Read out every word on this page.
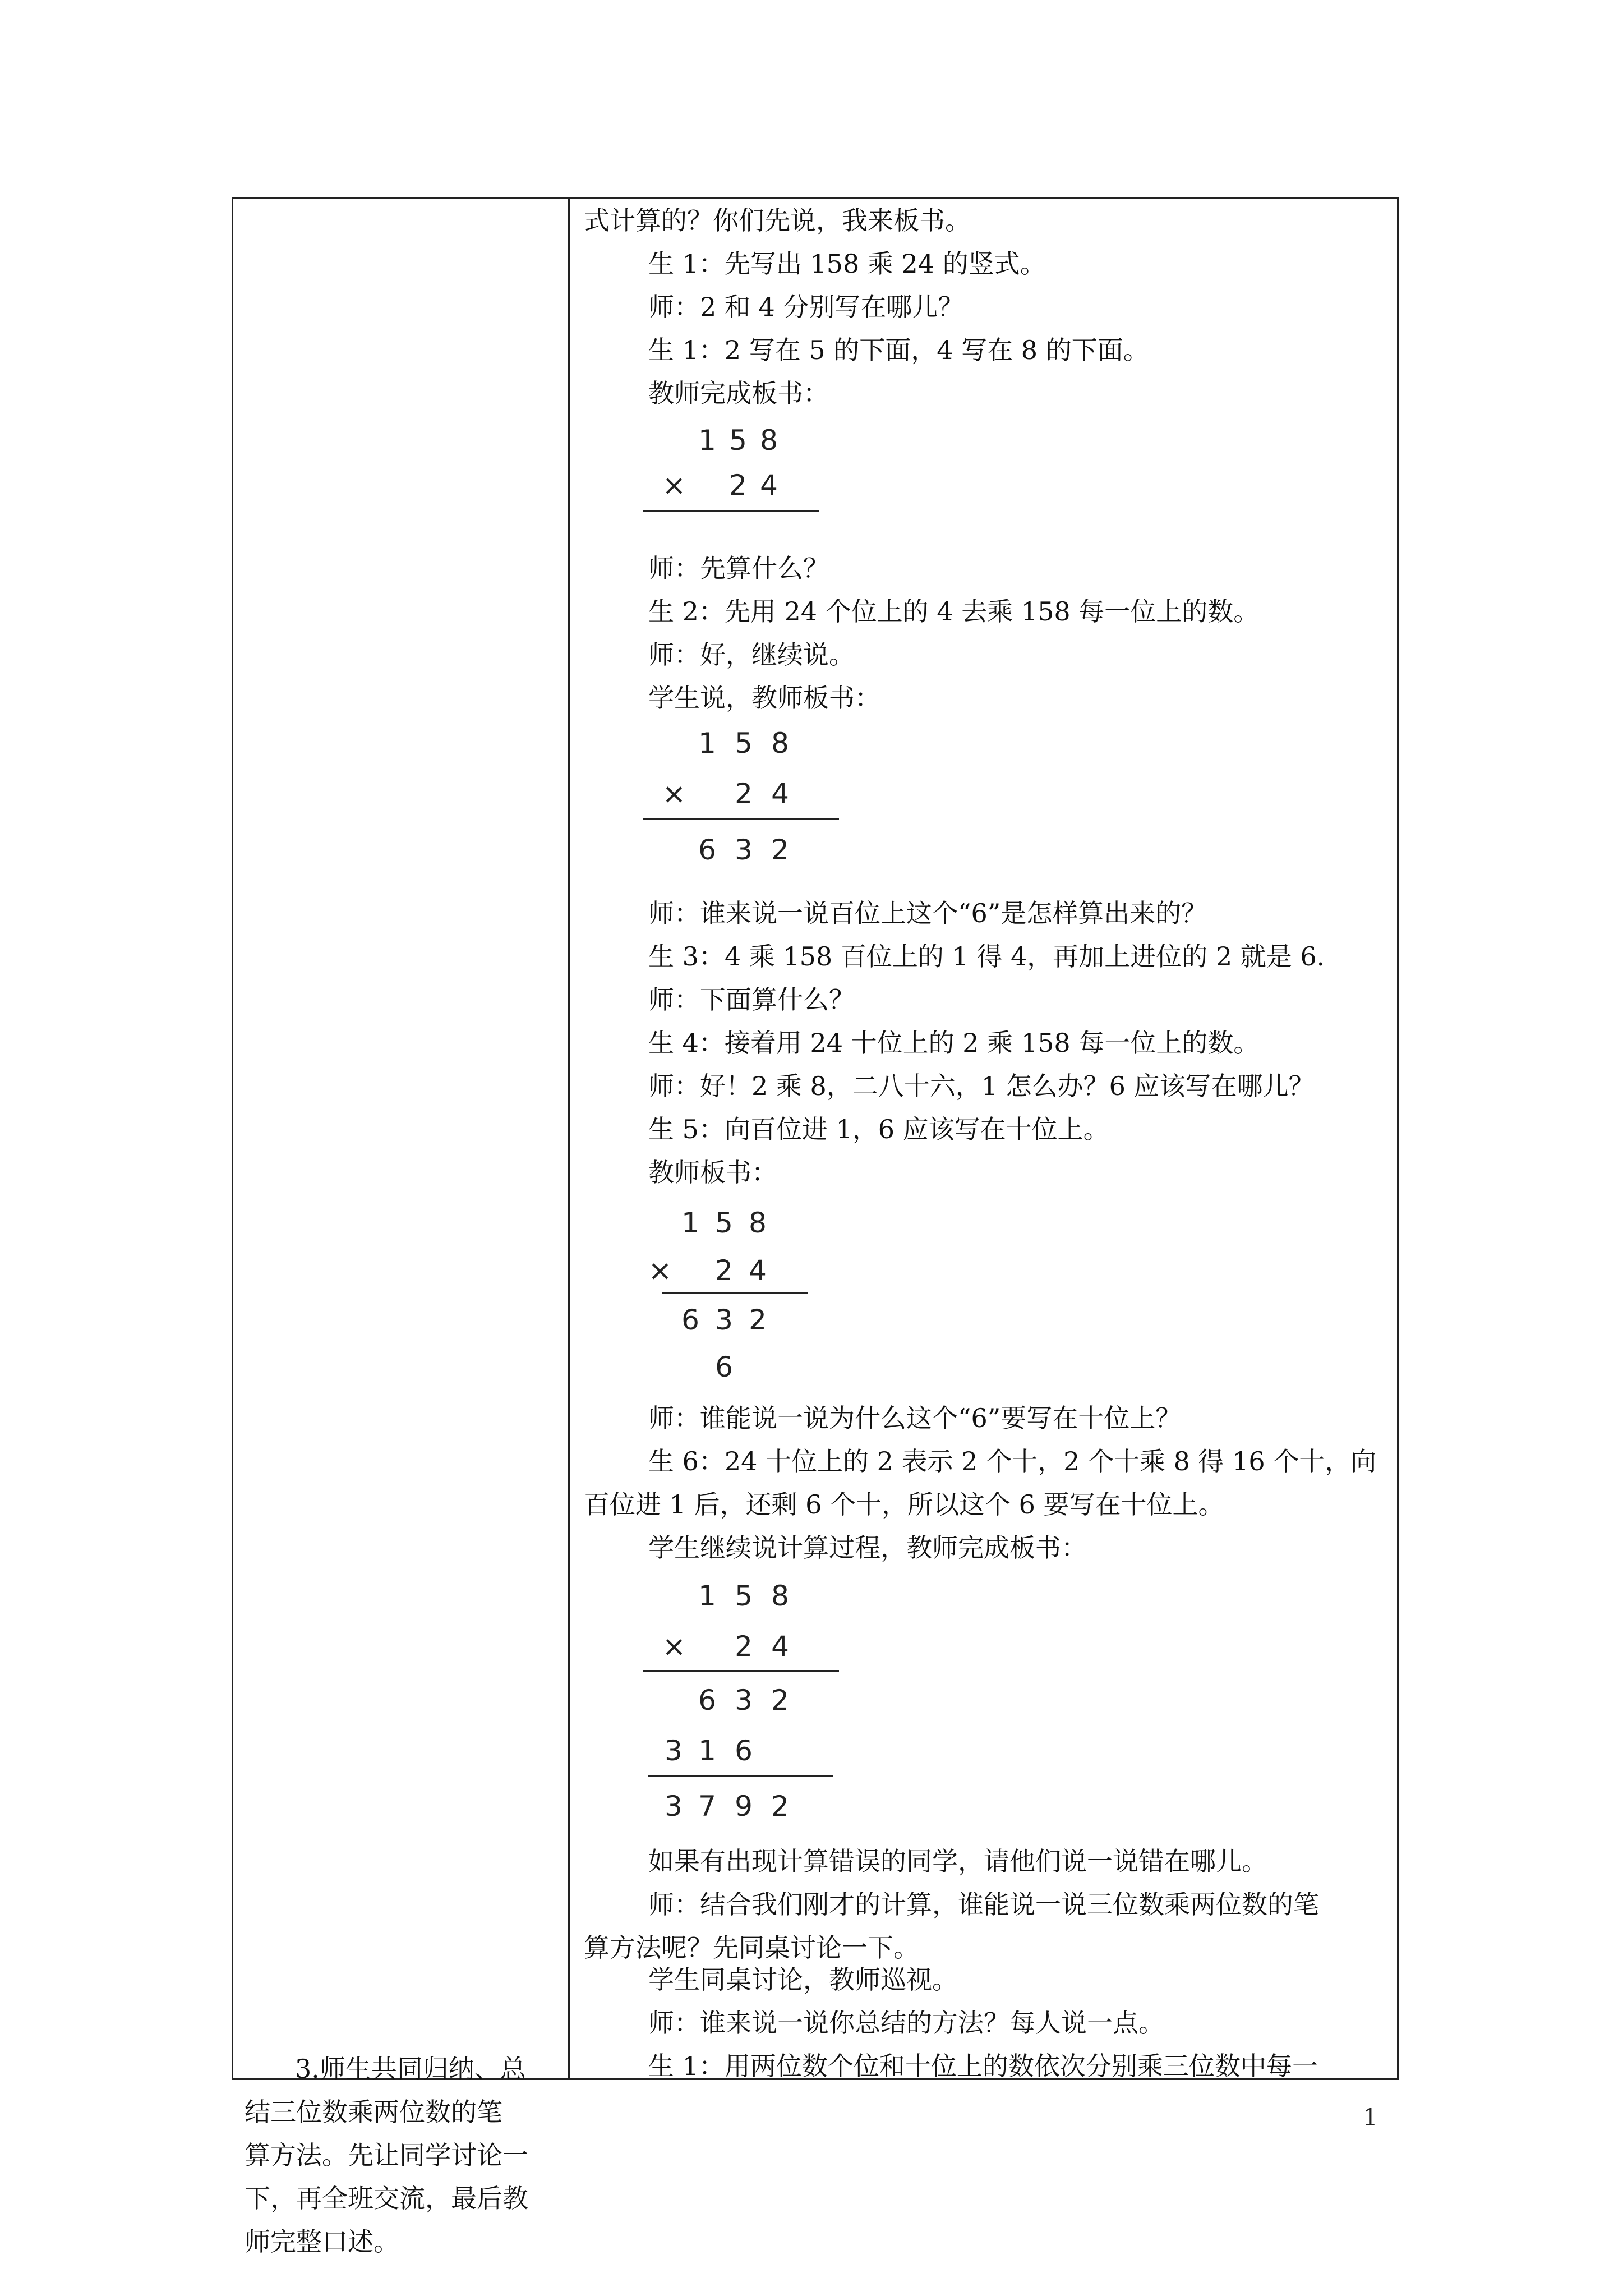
3.师生共同归纳、总

结三位数乘两位数的笔

算方法。先让同学讨论一

下，再全班交流，最后教

师完整口述。

式计算的？你们先说，我来板书。
生 1：先写出 158 乘 24 的竖式。
师：2 和 4 分别写在哪儿？
生 1：2 写在 5 的下面，4 写在 8 的下面。
教师完成板书：
1 5 8
× 2 4
师：先算什么？
生 2：先用 24 个位上的 4 去乘 158 每一位上的数。
师：好，继续说。
学生说，教师板书：
1 5 8
× 2 4
6 3 2
师：谁来说一说百位上这个“6”是怎样算出来的？
生 3：4 乘 158 百位上的 1 得 4，再加上进位的 2 就是 6.
师：下面算什么？
生 4：接着用 24 十位上的 2 乘 158 每一位上的数。
师：好！2 乘 8，二八十六，1 怎么办？6 应该写在哪儿？
生 5：向百位进 1，6 应该写在十位上。
教师板书：
1 5 8
× 2 4
6 3 2
6
师：谁能说一说为什么这个“6”要写在十位上？
生 6：24 十位上的 2 表示 2 个十，2 个十乘 8 得 16 个十，向
百位进 1 后，还剩 6 个十，所以这个 6 要写在十位上。
学生继续说计算过程，教师完成板书：
1 5 8
× 2 4
6 3 2
3 1 6
3 7 9 2
如果有出现计算错误的同学，请他们说一说错在哪儿。
师：结合我们刚才的计算，谁能说一说三位数乘两位数的笔
算方法呢？先同桌讨论一下。
学生同桌讨论，教师巡视。
师：谁来说一说你总结的方法？每人说一点。
生 1：用两位数个位和十位上的数依次分别乘三位数中每一
1
